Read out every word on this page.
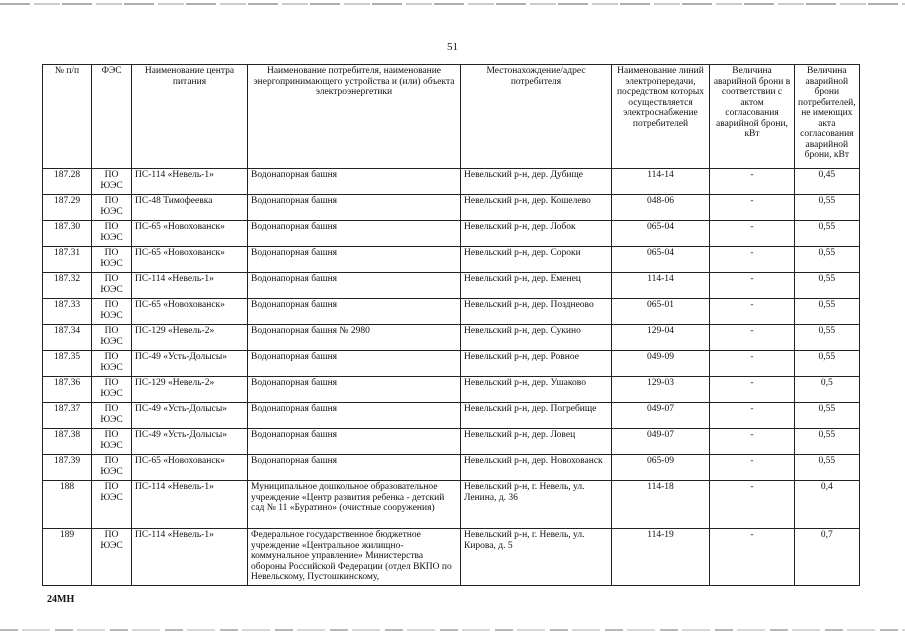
51
№ п/п	ФЭС	Наименование центра питания	Наименование потребителя, наименование энергопринимающего устройства и (или) объекта электроэнергетики	Местонахождение/адрес потребителя	Наименование линий электропередачи, посредством которых осуществляется электроснабжение потребителей	Величина аварийной брони в соответствии с актом согласования аварийной брони, кВт	Величина аварийной брони потребителей, не имеющих акта согласования аварийной брони, кВт
187.28	ПО ЮЭС	ПС-114 «Невель-1»	Водонапорная башня	Невельский р-н, дер. Дубище	114-14	-	0,45
187.29	ПО ЮЭС	ПС-48 Тимофеевка	Водонапорная башня	Невельский р-н, дер. Кошелево	048-06	-	0,55
187.30	ПО ЮЭС	ПС-65 «Новохованск»	Водонапорная башня	Невельский р-н, дер. Лобок	065-04	-	0,55
187.31	ПО ЮЭС	ПС-65 «Новохованск»	Водонапорная башня	Невельский р-н, дер. Сороки	065-04	-	0,55
187.32	ПО ЮЭС	ПС-114 «Невель-1»	Водонапорная башня	Невельский р-н, дер. Еменец	114-14	-	0,55
187.33	ПО ЮЭС	ПС-65 «Новохованск»	Водонапорная башня	Невельский р-н, дер. Позднеово	065-01	-	0,55
187.34	ПО ЮЭС	ПС-129 «Невель-2»	Водонапорная башня № 2980	Невельский р-н, дер. Сукино	129-04	-	0,55
187.35	ПО ЮЭС	ПС-49 «Усть-Долысы»	Водонапорная башня	Невельский р-н, дер. Ровное	049-09	-	0,55
187.36	ПО ЮЭС	ПС-129 «Невель-2»	Водонапорная башня	Невельский р-н, дер. Ушаково	129-03	-	0,5
187.37	ПО ЮЭС	ПС-49 «Усть-Долысы»	Водонапорная башня	Невельский р-н, дер. Погребище	049-07	-	0,55
187.38	ПО ЮЭС	ПС-49 «Усть-Долысы»	Водонапорная башня	Невельский р-н, дер. Ловец	049-07	-	0,55
187.39	ПО ЮЭС	ПС-65 «Новохованск»	Водонапорная башня	Невельский р-н, дер. Новохованск	065-09	-	0,55
188	ПО ЮЭС	ПС-114 «Невель-1»	Муниципальное дошкольное образовательное учреждение «Центр развития ребенка - детский сад № 11 «Буратино» (очистные сооружения)	Невельский р-н, г. Невель, ул. Ленина, д. 36	114-18	-	0,4
189	ПО ЮЭС	ПС-114 «Невель-1»	Федеральное государственное бюджетное учреждение «Центральное жилищно-коммунальное управление» Министерства обороны Российской Федерации (отдел ВКПО по Невельскому, Пустошкинскому,	Невельский р-н, г. Невель, ул. Кирова, д. 5	114-19	-	0,7
24МН
